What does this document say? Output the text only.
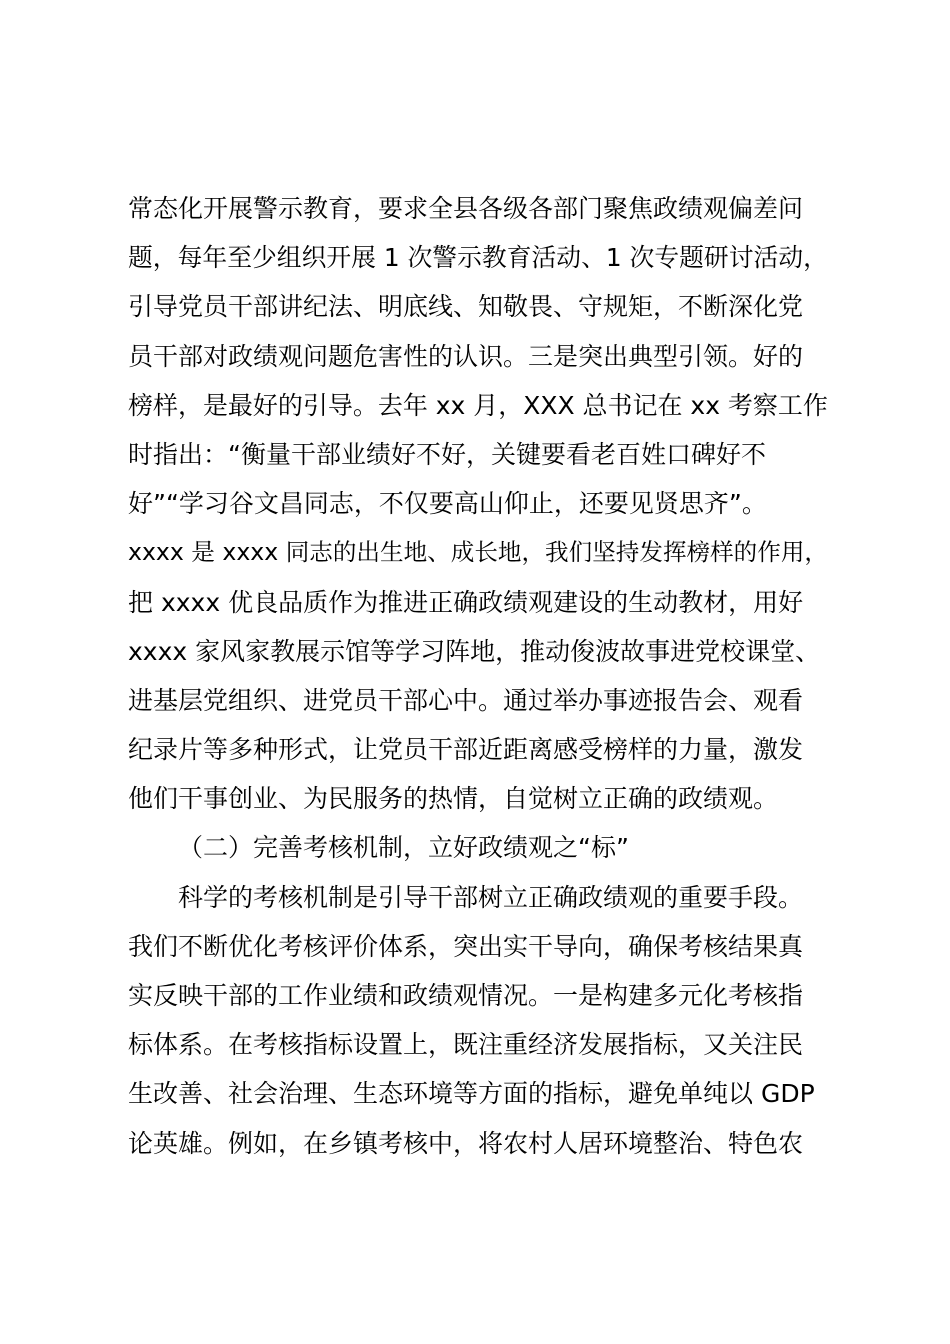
常态化开展警示教育，要求全县各级各部门聚焦政绩观偏差问
题，每年至少组织开展 1 次警示教育活动、1 次专题研讨活动，
引导党员干部讲纪法、明底线、知敬畏、守规矩，不断深化党
员干部对政绩观问题危害性的认识。三是突出典型引领。好的
榜样，是最好的引导。去年 xx 月，XXX 总书记在 xx 考察工作
时指出：“衡量干部业绩好不好，关键要看老百姓口碑好不
好”“学习谷文昌同志，不仅要高山仰止，还要见贤思齐”。
xxxx 是 xxxx 同志的出生地、成长地，我们坚持发挥榜样的作用，
把 xxxx 优良品质作为推进正确政绩观建设的生动教材，用好
xxxx 家风家教展示馆等学习阵地，推动俊波故事进党校课堂、
进基层党组织、进党员干部心中。通过举办事迹报告会、观看
纪录片等多种形式，让党员干部近距离感受榜样的力量，激发
他们干事创业、为民服务的热情，自觉树立正确的政绩观。
（二）完善考核机制，立好政绩观之“标”
科学的考核机制是引导干部树立正确政绩观的重要手段。
我们不断优化考核评价体系，突出实干导向，确保考核结果真
实反映干部的工作业绩和政绩观情况。一是构建多元化考核指
标体系。在考核指标设置上，既注重经济发展指标，又关注民
生改善、社会治理、生态环境等方面的指标，避免单纯以 GDP
论英雄。例如，在乡镇考核中，将农村人居环境整治、特色农
